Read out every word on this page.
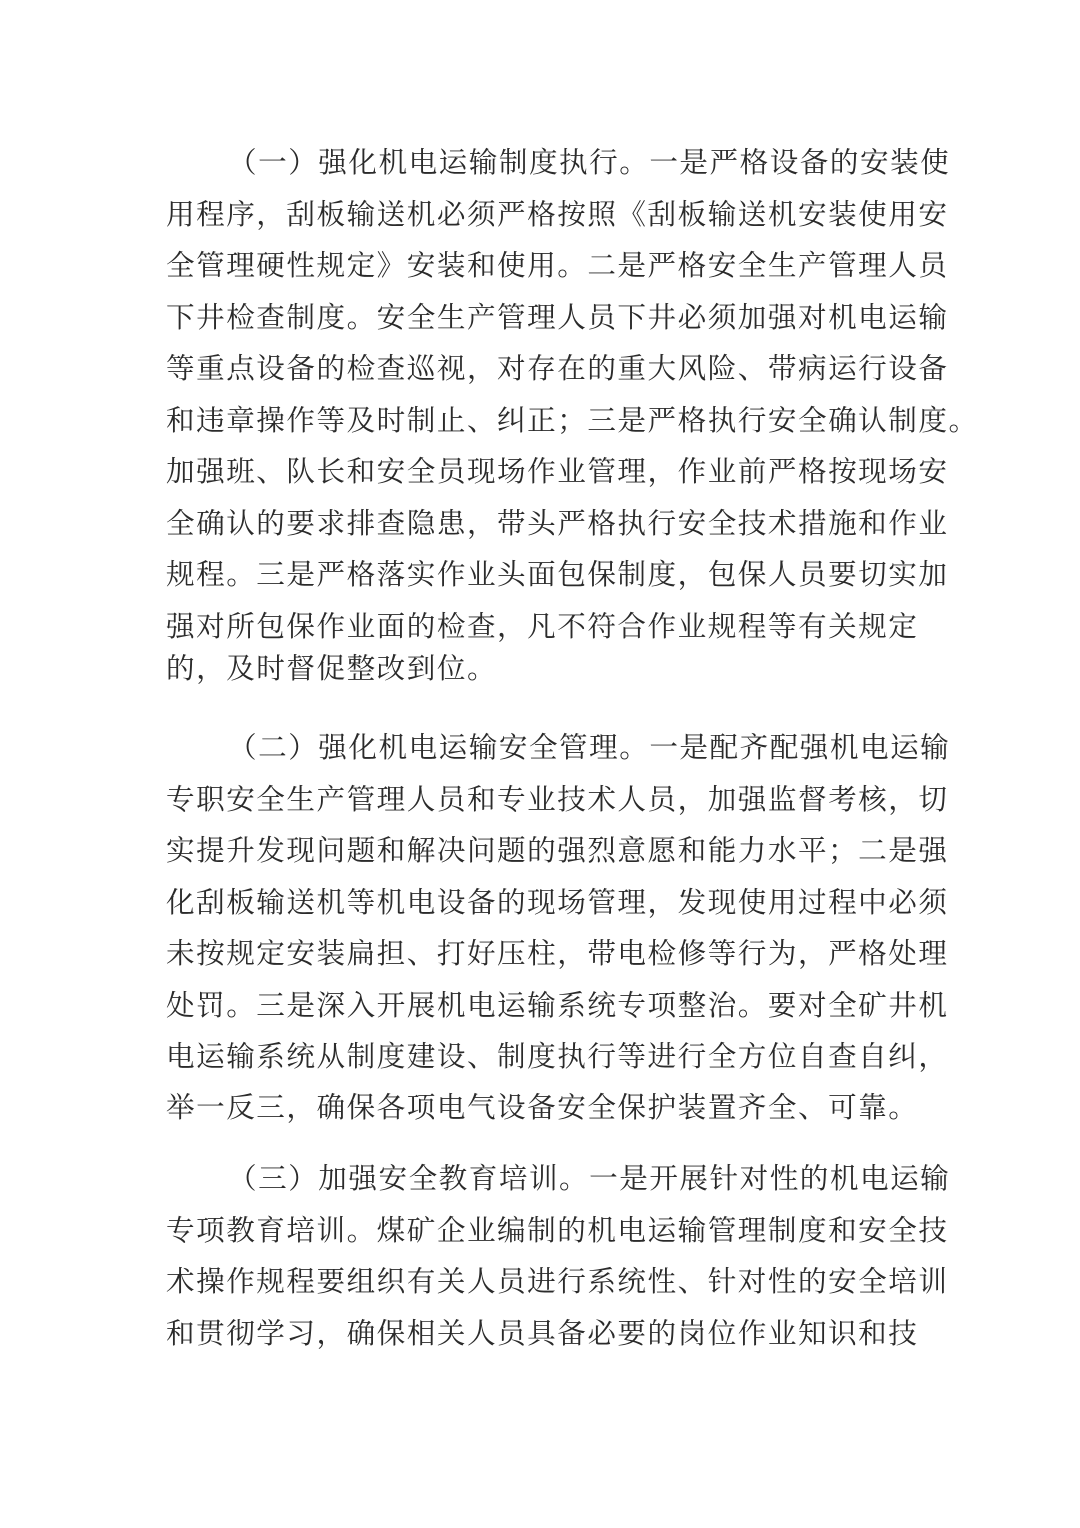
（一）强化机电运输制度执行。一是严格设备的安装使

用程序，刮板输送机必须严格按照《刮板输送机安装使用安

全管理硬性规定》安装和使用。二是严格安全生产管理人员

下井检查制度。安全生产管理人员下井必须加强对机电运输

等重点设备的检查巡视，对存在的重大风险、带病运行设备

和违章操作等及时制止、纠正；三是严格执行安全确认制度。

加强班、队长和安全员现场作业管理，作业前严格按现场安

全确认的要求排查隐患，带头严格执行安全技术措施和作业

规程。三是严格落实作业头面包保制度，包保人员要切实加

强对所包保作业面的检查，凡不符合作业规程等有关规定

的，及时督促整改到位。

（二）强化机电运输安全管理。一是配齐配强机电运输

专职安全生产管理人员和专业技术人员，加强监督考核，切

实提升发现问题和解决问题的强烈意愿和能力水平；二是强

化刮板输送机等机电设备的现场管理，发现使用过程中必须

未按规定安装扁担、打好压柱，带电检修等行为，严格处理

处罚。三是深入开展机电运输系统专项整治。要对全矿井机

电运输系统从制度建设、制度执行等进行全方位自查自纠，

举一反三，确保各项电气设备安全保护装置齐全、可靠。

（三）加强安全教育培训。一是开展针对性的机电运输

专项教育培训。煤矿企业编制的机电运输管理制度和安全技

术操作规程要组织有关人员进行系统性、针对性的安全培训

和贯彻学习，确保相关人员具备必要的岗位作业知识和技
